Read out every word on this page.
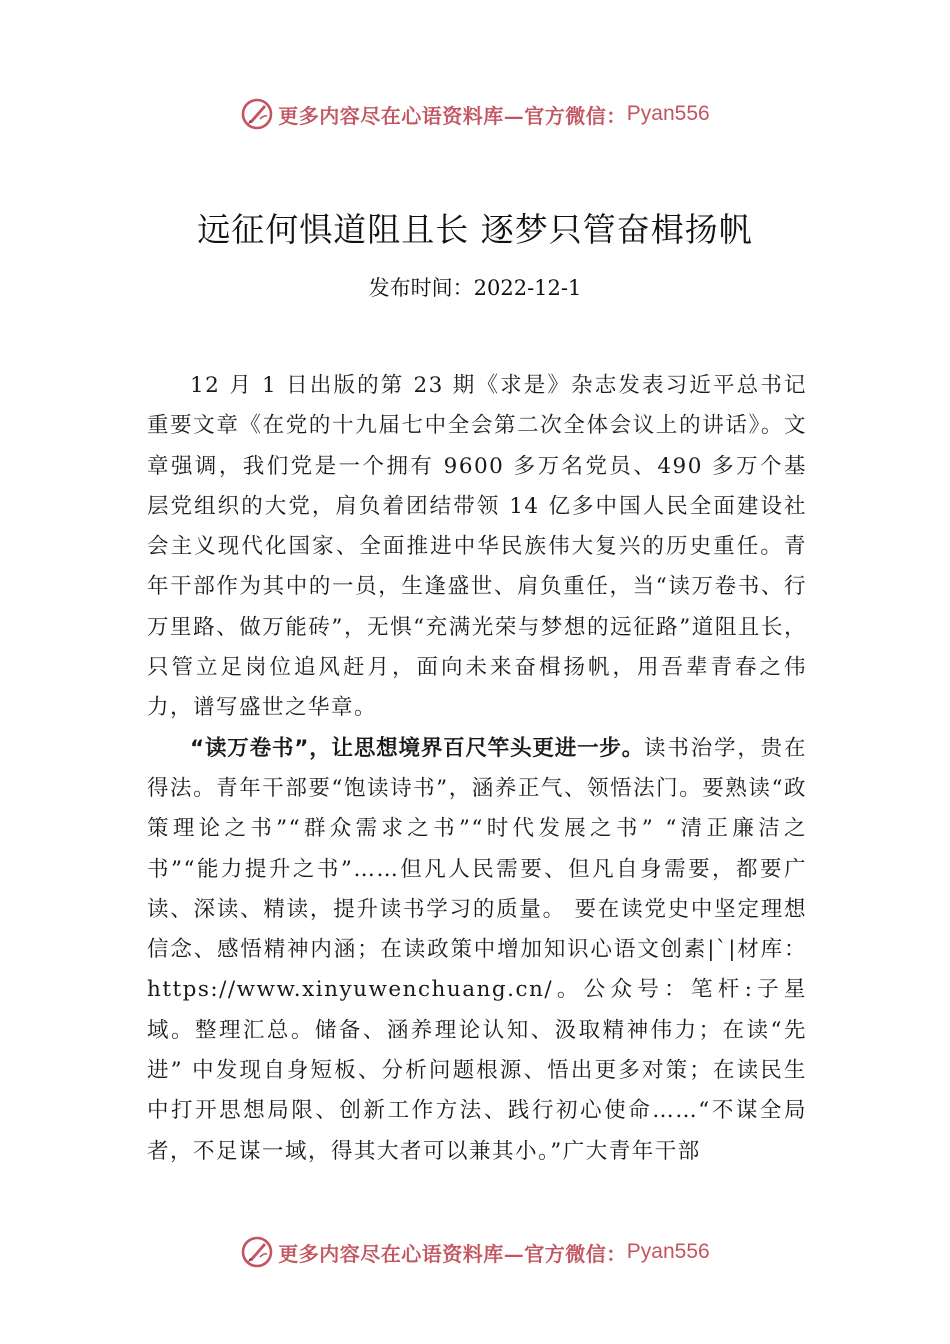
更多内容尽在心语资料库—官方微信： Pyan556
远征何惧道阻且长 逐梦只管奋楫扬帆
发布时间：2022-12-1

12 月 1 日出版的第 23 期《求是》杂志发表习近平总书记重要文章《在党的十九届七中全会第二次全体会议上的讲话》。文章强调，我们党是一个拥有 9600 多万名党员、490 多万个基层党组织的大党，肩负着团结带领 14 亿多中国人民全面建设社会主义现代化国家、全面推进中华民族伟大复兴的历史重任。青年干部作为其中的一员，生逢盛世、肩负重任，当“读万卷书、行万里路、做万能砖”，无惧“充满光荣与梦想的远征路”道阻且长，只管立足岗位追风赶月，面向未来奋楫扬帆，用吾辈青春之伟力，谱写盛世之华章。

“读万卷书”，让思想境界百尺竿头更进一步。读书治学，贵在得法。青年干部要“饱读诗书”，涵养正气、领悟法门。要熟读“政策理论之书”“群众需求之书”“时代发展之书” “清正廉洁之书”“能力提升之书”……但凡人民需要、但凡自身需要，都要广读、深读、精读，提升读书学习的质量。 要在读党史中坚定理想信念、感悟精神内涵；在读政策中增加知识心语文创素|`|材库：https://www.xinyuwenchuang.cn/。公众号：笔杆:子星域。整理汇总。储备、涵养理论认知、汲取精神伟力；在读“先进” 中发现自身短板、分析问题根源、悟出更多对策；在读民生中打开思想局限、创新工作方法、践行初心使命……“不谋全局者，不足谋一域，得其大者可以兼其小。”广大青年干部

更多内容尽在心语资料库—官方微信： Pyan556
